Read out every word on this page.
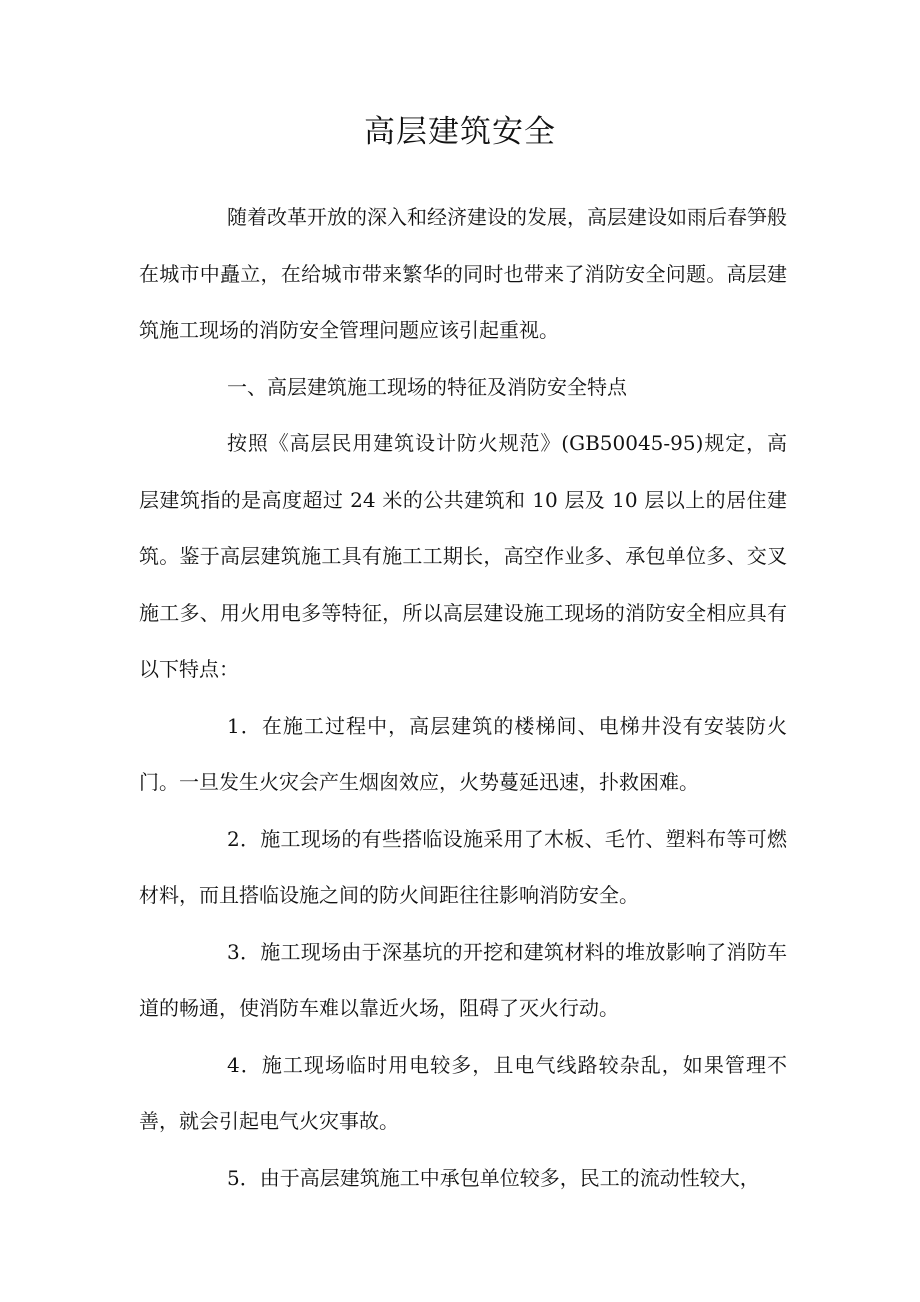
高层建筑安全

随着改革开放的深入和经济建设的发展，高层建设如雨后春笋般在城市中矗立，在给城市带来繁华的同时也带来了消防安全问题。高层建筑施工现场的消防安全管理问题应该引起重视。

一、高层建筑施工现场的特征及消防安全特点

按照《高层民用建筑设计防火规范》(GB50045-95)规定，高层建筑指的是高度超过 24 米的公共建筑和 10 层及 10 层以上的居住建筑。鉴于高层建筑施工具有施工工期长，高空作业多、承包单位多、交叉施工多、用火用电多等特征，所以高层建设施工现场的消防安全相应具有以下特点：

1．在施工过程中，高层建筑的楼梯间、电梯井没有安装防火门。一旦发生火灾会产生烟囱效应，火势蔓延迅速，扑救困难。

2．施工现场的有些搭临设施采用了木板、毛竹、塑料布等可燃材料，而且搭临设施之间的防火间距往往影响消防安全。

3．施工现场由于深基坑的开挖和建筑材料的堆放影响了消防车道的畅通，使消防车难以靠近火场，阻碍了灭火行动。

4．施工现场临时用电较多，且电气线路较杂乱，如果管理不善，就会引起电气火灾事故。

5．由于高层建筑施工中承包单位较多，民工的流动性较大，
